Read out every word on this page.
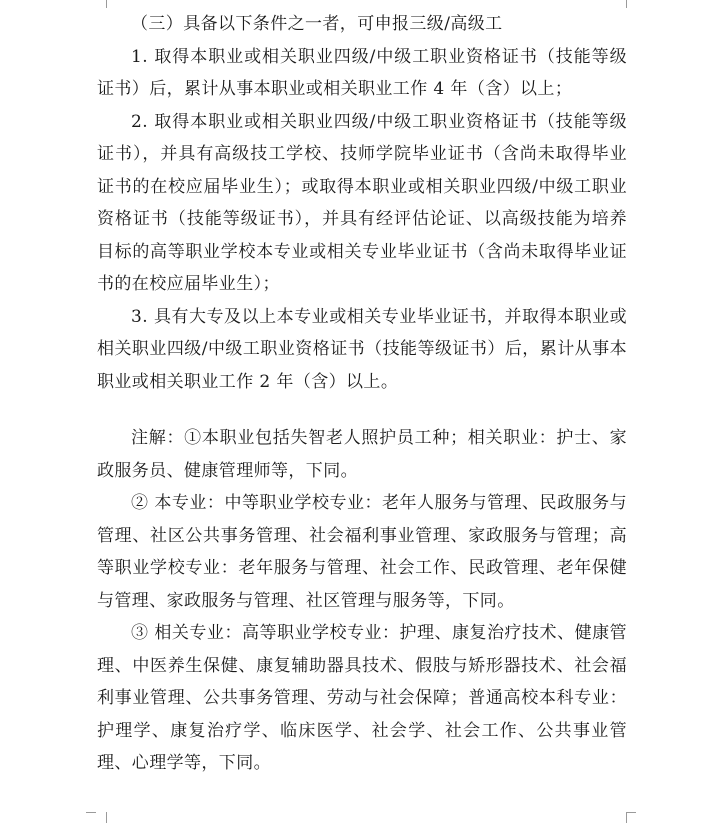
（三）具备以下条件之一者，可申报三级/高级工

1. 取得本职业或相关职业四级/中级工职业资格证书（技能等级证书）后，累计从事本职业或相关职业工作 4 年（含）以上；

2. 取得本职业或相关职业四级/中级工职业资格证书（技能等级证书），并具有高级技工学校、技师学院毕业证书（含尚未取得毕业证书的在校应届毕业生）；或取得本职业或相关职业四级/中级工职业资格证书（技能等级证书），并具有经评估论证、以高级技能为培养目标的高等职业学校本专业或相关专业毕业证书（含尚未取得毕业证书的在校应届毕业生）；

3. 具有大专及以上本专业或相关专业毕业证书，并取得本职业或相关职业四级/中级工职业资格证书（技能等级证书）后，累计从事本职业或相关职业工作 2 年（含）以上。

注解：①本职业包括失智老人照护员工种；相关职业：护士、家政服务员、健康管理师等，下同。

② 本专业：中等职业学校专业：老年人服务与管理、民政服务与管理、社区公共事务管理、社会福利事业管理、家政服务与管理；高等职业学校专业：老年服务与管理、社会工作、民政管理、老年保健与管理、家政服务与管理、社区管理与服务等，下同。

③ 相关专业：高等职业学校专业：护理、康复治疗技术、健康管理、中医养生保健、康复辅助器具技术、假肢与矫形器技术、社会福利事业管理、公共事务管理、劳动与社会保障；普通高校本科专业：护理学、康复治疗学、临床医学、社会学、社会工作、公共事业管理、心理学等，下同。
